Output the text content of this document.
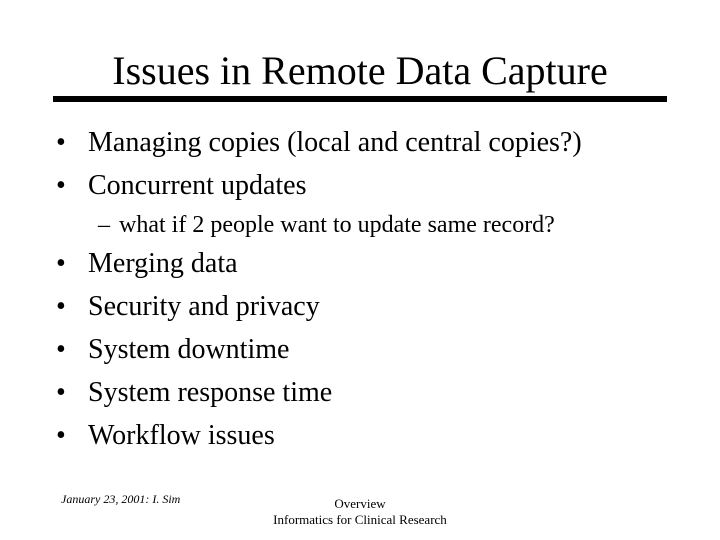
Issues in Remote Data Capture
• Managing copies (local and central copies?)
• Concurrent updates
– what if 2 people want to update same record?
• Merging data
• Security and privacy
• System downtime
• System response time
• Workflow issues
January 23, 2001: I. Sim	Overview
Informatics for Clinical Research
